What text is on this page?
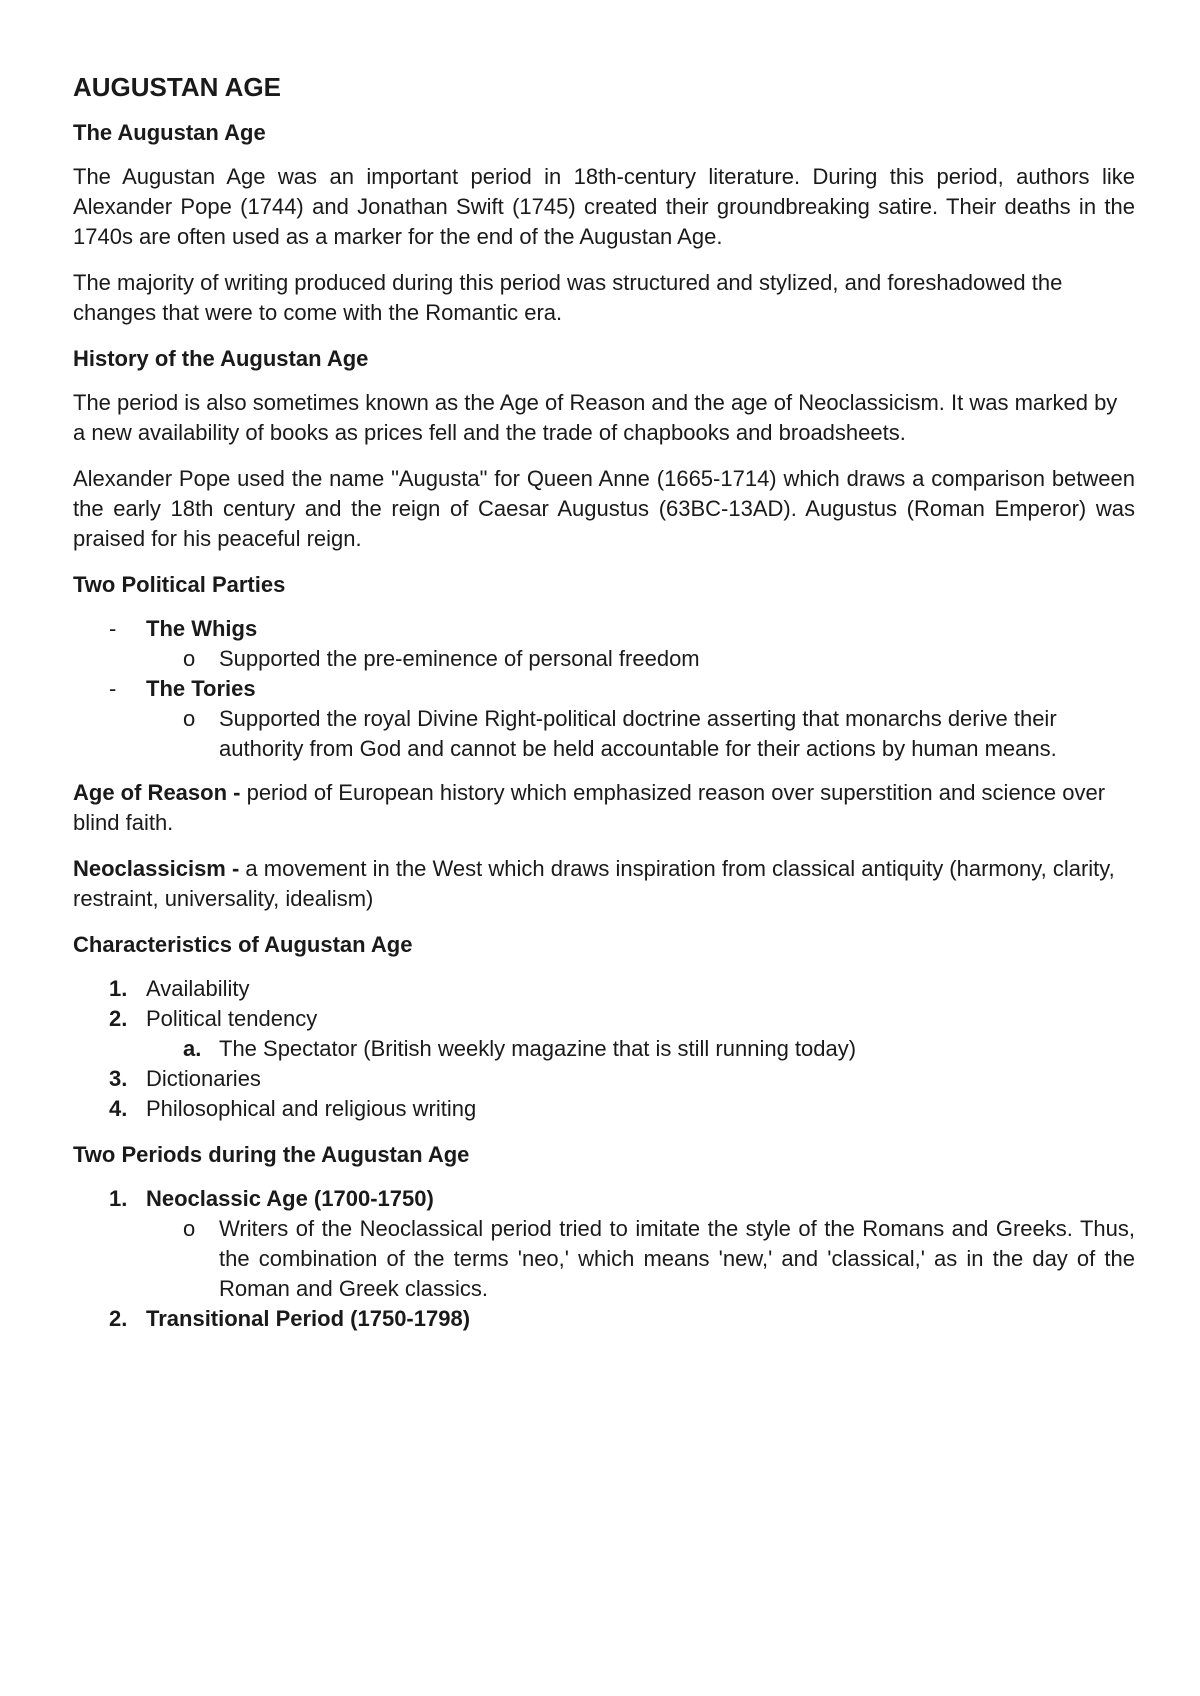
AUGUSTAN AGE
The Augustan Age

The Augustan Age was an important period in 18th-century literature. During this period, authors like Alexander Pope (1744) and Jonathan Swift (1745) created their groundbreaking satire. Their deaths in the 1740s are often used as a marker for the end of the Augustan Age.

The majority of writing produced during this period was structured and stylized, and foreshadowed the changes that were to come with the Romantic era.

History of the Augustan Age

The period is also sometimes known as the Age of Reason and the age of Neoclassicism. It was marked by a new availability of books as prices fell and the trade of chapbooks and broadsheets.

Alexander Pope used the name "Augusta" for Queen Anne (1665-1714) which draws a comparison between the early 18th century and the reign of Caesar Augustus (63BC-13AD). Augustus (Roman Emperor) was praised for his peaceful reign.

Two Political Parties
- The Whigs
o Supported the pre-eminence of personal freedom
- The Tories
o Supported the royal Divine Right-political doctrine asserting that monarchs derive their authority from God and cannot be held accountable for their actions by human means.

Age of Reason - period of European history which emphasized reason over superstition and science over blind faith.

Neoclassicism - a movement in the West which draws inspiration from classical antiquity (harmony, clarity, restraint, universality, idealism)

Characteristics of Augustan Age
1. Availability
2. Political tendency
a. The Spectator (British weekly magazine that is still running today)
3. Dictionaries
4. Philosophical and religious writing
Two Periods during the Augustan Age
1. Neoclassic Age (1700-1750)
o Writers of the Neoclassical period tried to imitate the style of the Romans and Greeks. Thus, the combination of the terms 'neo,' which means 'new,' and 'classical,' as in the day of the Roman and Greek classics.
2. Transitional Period (1750-1798)
